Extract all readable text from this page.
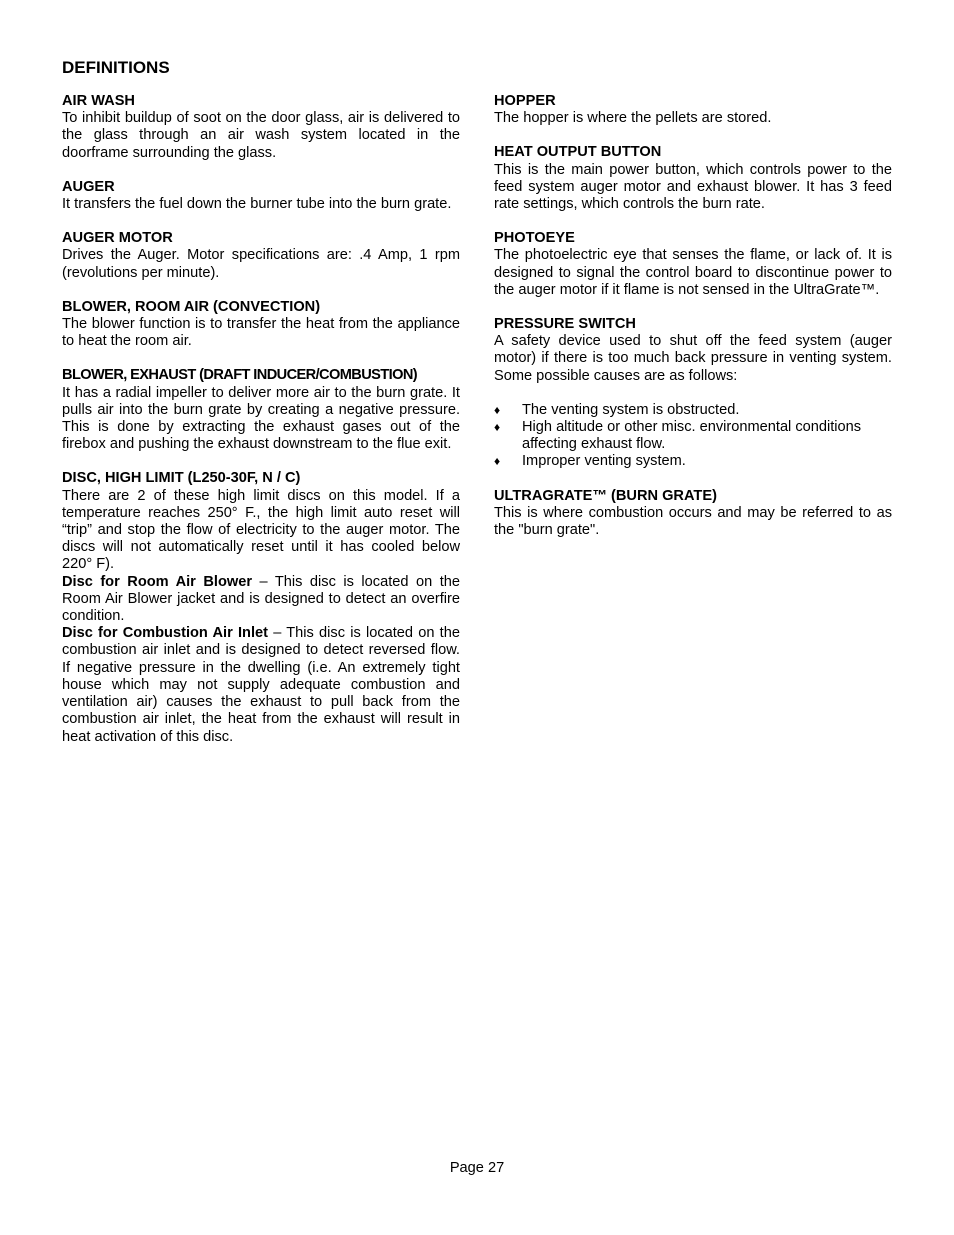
DEFINITIONS
AIR WASH

To inhibit buildup of soot on the door glass, air is delivered to the glass through an air wash system located in the doorframe surrounding the glass.

AUGER

It transfers the fuel down the burner tube into the burn grate.

AUGER MOTOR

Drives the Auger. Motor specifications are: .4 Amp, 1 rpm (revolutions per minute).

BLOWER, ROOM AIR (CONVECTION)

The blower function is to transfer the heat from the appliance to heat the room air.

BLOWER, EXHAUST (DRAFT INDUCER/COMBUSTION)

It has a radial impeller to deliver more air to the burn grate. It pulls air into the burn grate by creating a negative pressure. This is done by extracting the exhaust gases out of the firebox and pushing the exhaust downstream to the flue exit.

DISC, HIGH LIMIT (L250-30F, N / C)

There are 2 of these high limit discs on this model. If a temperature reaches 250° F., the high limit auto reset will “trip” and stop the flow of electricity to the auger motor. The discs will not automatically reset until it has cooled below 220° F).

Disc for Room Air Blower – This disc is located on the Room Air Blower jacket and is designed to detect an overfire condition.

Disc for Combustion Air Inlet – This disc is located on the combustion air inlet and is designed to detect reversed flow. If negative pressure in the dwelling (i.e. An extremely tight house which may not supply adequate combustion and ventilation air) causes the exhaust to pull back from the combustion air inlet, the heat from the exhaust will result in heat activation of this disc.

HOPPER

The hopper is where the pellets are stored.

HEAT OUTPUT BUTTON

This is the main power button, which controls power to the feed system auger motor and exhaust blower. It has 3 feed rate settings, which controls the burn rate.

PHOTOEYE

The photoelectric eye that senses the flame, or lack of. It is designed to signal the control board to discontinue power to the auger motor if it flame is not sensed in the UltraGrate™.

PRESSURE SWITCH

A safety device used to shut off the feed system (auger motor) if there is too much back pressure in venting system. Some possible causes are as follows:

♦	The venting system is obstructed.
♦	High altitude or other misc. environmental conditions affecting exhaust flow.
♦	Improper venting system.
ULTRAGRATE™ (BURN GRATE)

This is where combustion occurs and may be referred to as the "burn grate".

Page 27
